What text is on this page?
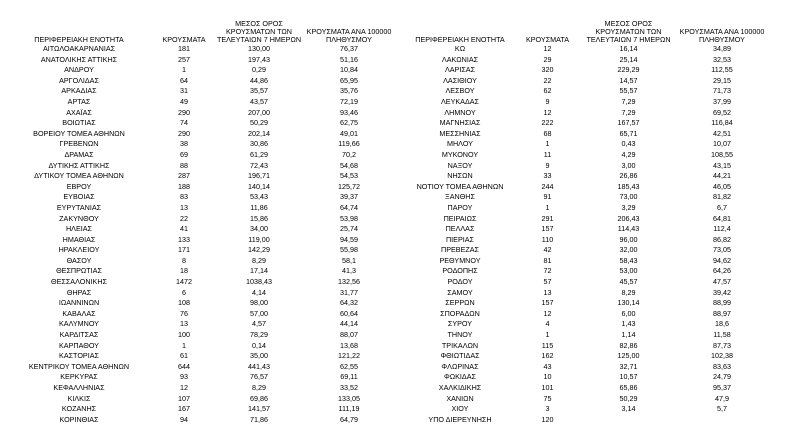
ΠΕΡΙΦΕΡΕΙΑΚΗ ΕΝΟΤΗΤΑ	ΚΡΟΥΣΜΑΤΑ	ΜΕΣΟΣ ΟΡΟΣ ΚΡΟΥΣΜΑΤΩΝ ΤΩΝ ΤΕΛΕΥΤΑΙΩΝ 7 ΗΜΕΡΩΝ	ΚΡΟΥΣΜΑΤΑ ΑΝΑ 100000 ΠΛΗΘΥΣΜΟΥ
ΑΙΤΩΛΟΑΚΑΡΝΑΝΙΑΣ	181	130,00	76,37
ΑΝΑΤΟΛΙΚΗΣ ΑΤΤΙΚΗΣ	257	197,43	51,16
ΑΝΔΡΟΥ	1	0,29	10,84
ΑΡΓΟΛΙΔΑΣ	64	44,86	65,95
ΑΡΚΑΔΙΑΣ	31	35,57	35,76
ΑΡΤΑΣ	49	43,57	72,19
ΑΧΑΪΑΣ	290	207,00	93,46
ΒΟΙΩΤΙΑΣ	74	50,29	62,75
ΒΟΡΕΙΟΥ ΤΟΜΕΑ ΑΘΗΝΩΝ	290	202,14	49,01
ΓΡΕΒΕΝΩΝ	38	30,86	119,66
ΔΡΑΜΑΣ	69	61,29	70,2
ΔΥΤΙΚΗΣ ΑΤΤΙΚΗΣ	88	72,43	54,68
ΔΥΤΙΚΟΥ ΤΟΜΕΑ ΑΘΗΝΩΝ	287	196,71	54,53
ΕΒΡΟΥ	188	140,14	125,72
ΕΥΒΟΙΑΣ	83	53,43	39,37
ΕΥΡΥΤΑΝΙΑΣ	13	11,86	64,74
ΖΑΚΥΝΘΟΥ	22	15,86	53,98
ΗΛΕΙΑΣ	41	34,00	25,74
ΗΜΑΘΙΑΣ	133	119,00	94,59
ΗΡΑΚΛΕΙΟΥ	171	142,29	55,98
ΘΑΣΟΥ	8	8,29	58,1
ΘΕΣΠΡΩΤΙΑΣ	18	17,14	41,3
ΘΕΣΣΑΛΟΝΙΚΗΣ	1472	1038,43	132,56
ΘΗΡΑΣ	6	4,14	31,77
ΙΩΑΝΝΙΝΩΝ	108	98,00	64,32
ΚΑΒΑΛΑΣ	76	57,00	60,64
ΚΑΛΥΜΝΟΥ	13	4,57	44,14
ΚΑΡΔΙΤΣΑΣ	100	78,29	88,07
ΚΑΡΠΑΘΟΥ	1	0,14	13,68
ΚΑΣΤΟΡΙΑΣ	61	35,00	121,22
ΚΕΝΤΡΙΚΟΥ ΤΟΜΕΑ ΑΘΗΝΩΝ	644	441,43	62,55
ΚΕΡΚΥΡΑΣ	93	76,57	69,11
ΚΕΦΑΛΛΗΝΙΑΣ	12	8,29	33,52
ΚΙΛΚΙΣ	107	69,86	133,05
ΚΟΖΑΝΗΣ	167	141,57	111,19
ΚΟΡΙΝΘΙΑΣ	94	71,86	64,79
ΠΕΡΙΦΕΡΕΙΑΚΗ ΕΝΟΤΗΤΑ	ΚΡΟΥΣΜΑΤΑ	ΜΕΣΟΣ ΟΡΟΣ ΚΡΟΥΣΜΑΤΩΝ ΤΩΝ ΤΕΛΕΥΤΑΙΩΝ 7 ΗΜΕΡΩΝ	ΚΡΟΥΣΜΑΤΑ ΑΝΑ 100000 ΠΛΗΘΥΣΜΟΥ
ΚΩ	12	16,14	34,89
ΛΑΚΩΝΙΑΣ	29	25,14	32,53
ΛΑΡΙΣΑΣ	320	229,29	112,55
ΛΑΣΙΘΙΟΥ	22	14,57	29,15
ΛΕΣΒΟΥ	62	55,57	71,73
ΛΕΥΚΑΔΑΣ	9	7,29	37,99
ΛΗΜΝΟΥ	12	7,29	69,52
ΜΑΓΝΗΣΙΑΣ	222	167,57	116,84
ΜΕΣΣΗΝΙΑΣ	68	65,71	42,51
ΜΗΛΟΥ	1	0,43	10,07
ΜΥΚΟΝΟΥ	11	4,29	108,55
ΝΑΞΟΥ	9	3,00	43,15
ΝΗΣΩΝ	33	26,86	44,21
ΝΟΤΙΟΥ ΤΟΜΕΑ ΑΘΗΝΩΝ	244	185,43	46,05
ΞΑΝΘΗΣ	91	73,00	81,82
ΠΑΡΟΥ	1	3,29	6,7
ΠΕΙΡΑΙΩΣ	291	206,43	64,81
ΠΕΛΛΑΣ	157	114,43	112,4
ΠΙΕΡΙΑΣ	110	96,00	86,82
ΠΡΕΒΕΖΑΣ	42	32,00	73,05
ΡΕΘΥΜΝΟΥ	81	58,43	94,62
ΡΟΔΟΠΗΣ	72	53,00	64,26
ΡΟΔΟΥ	57	45,57	47,57
ΣΑΜΟΥ	13	8,29	39,42
ΣΕΡΡΩΝ	157	130,14	88,99
ΣΠΟΡΑΔΩΝ	12	6,00	88,97
ΣΥΡΟΥ	4	1,43	18,6
ΤΗΝΟΥ	1	1,14	11,58
ΤΡΙΚΑΛΩΝ	115	82,86	87,73
ΦΘΙΩΤΙΔΑΣ	162	125,00	102,38
ΦΛΩΡΙΝΑΣ	43	32,71	83,63
ΦΩΚΙΔΑΣ	10	10,57	24,79
ΧΑΛΚΙΔΙΚΗΣ	101	65,86	95,37
ΧΑΝΙΩΝ	75	50,29	47,9
ΧΙΟΥ	3	3,14	5,7
ΥΠΟ ΔΙΕΡΕΥΝΗΣΗ	120		
